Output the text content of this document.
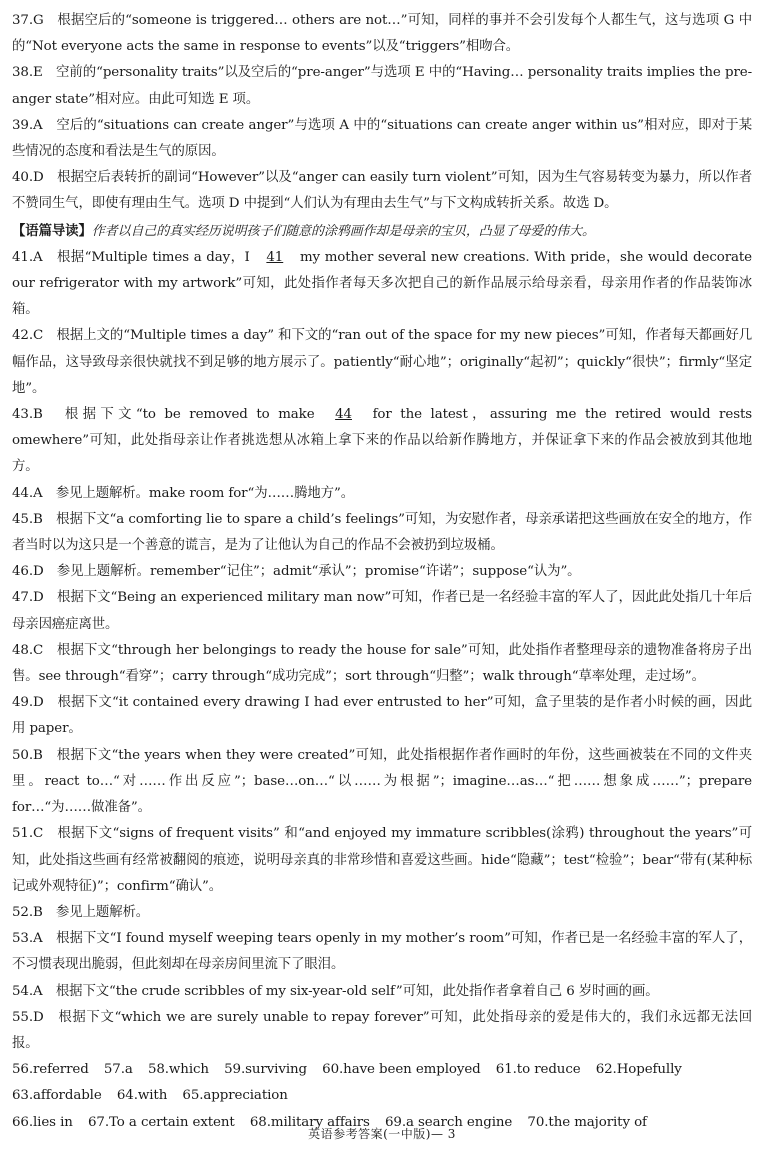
37.G　根据空后的“someone is triggered… others are not…”可知，同样的事并不会引发每个人都生气，这与选项 G 中的“Not everyone acts the same in response to events”以及“triggers”相吻合。
38.E　空前的“personality traits”以及空后的“pre-anger”与选项 E 中的“Having… personality traits implies the pre-anger state”相对应。由此可知选 E 项。
39.A　空后的“situations can create anger”与选项 A 中的“situations can create anger within us”相对应，即对于某些情况的态度和看法是生气的原因。
40.D　根据空后表转折的副词“However”以及“anger can easily turn violent”可知，因为生气容易转变为暴力，所以作者不赞同生气，即使有理由生气。选项 D 中提到“人们认为有理由去生气”与下文构成转折关系。故选 D。
【语篇导读】作者以自己的真实经历说明孩子们随意的涂鸦画作却是母亲的宝贝，凸显了母爱的伟大。
41.A　根据“Multiple times a day，I 41 my mother several new creations. With pride，she would decorate our refrigerator with my artwork”可知，此处指作者每天多次把自己的新作品展示给母亲看，母亲用作者的作品装饰冰箱。
42.C　根据上文的“Multiple times a day” 和下文的“ran out of the space for my new pieces”可知，作者每天都画好几幅作品，这导致母亲很快就找不到足够的地方展示了。patiently“耐心地”；originally“起初”；quickly“很快”；firmly“坚定地”。
43.B　根据下文“to be removed to make 44 for the latest，assuring me the retired would rests omewhere”可知，此处指母亲让作者挑选想从冰箱上拿下来的作品以给新作腾地方，并保证拿下来的作品会被放到其他地方。
44.A　参见上题解析。make room for“为……腾地方”。
45.B　根据下文“a comforting lie to spare a child’s feelings”可知，为安慰作者，母亲承诺把这些画放在安全的地方，作者当时以为这只是一个善意的谎言，是为了让他认为自己的作品不会被扔到垃圾桶。
46.D　参见上题解析。remember“记住”；admit“承认”；promise“许诺”；suppose“认为”。
47.D　根据下文“Being an experienced military man now”可知，作者已是一名经验丰富的军人了，因此此处指几十年后母亲因癌症离世。
48.C　根据下文“through her belongings to ready the house for sale”可知，此处指作者整理母亲的遗物准备将房子出售。see through“看穿”；carry through“成功完成”；sort through“归整”；walk through“草率处理，走过场”。
49.D　根据下文“it contained every drawing I had ever entrusted to her”可知，盒子里装的是作者小时候的画，因此用 paper。
50.B　根据下文“the years when they were created”可知，此处指根据作者作画时的年份，这些画被装在不同的文件夹里。react to…“对……作出反应”；base…on…“以……为根据”；imagine…as…“把……想象成……”；prepare for…“为……做准备”。
51.C　根据下文“signs of frequent visits” 和“and enjoyed my immature scribbles(涂鸦) throughout the years”可知，此处指这些画有经常被翻阅的痕迹，说明母亲真的非常珍惜和喜爱这些画。hide“隐藏”；test“检验”；bear“带有(某种标记或外观特征)”；confirm“确认”。
52.B　参见上题解析。
53.A　根据下文“I found myself weeping tears openly in my mother’s room”可知，作者已是一名经验丰富的军人了，不习惯表现出脆弱，但此刻却在母亲房间里流下了眼泪。
54.A　根据下文“the crude scribbles of my six-year-old self”可知，此处指作者拿着自己 6 岁时画的画。
55.D　根据下文“which we are surely unable to repay forever”可知，此处指母亲的爱是伟大的，我们永远都无法回报。
56.referred 57.a 58.which 59.surviving 60.have been employed 61.to reduce 62.Hopefully
63.affordable 64.with 65.appreciation
66.lies in 67.To a certain extent 68.military affairs 69.a search engine 70.the majority of
英语参考答案(一中版)— 3
